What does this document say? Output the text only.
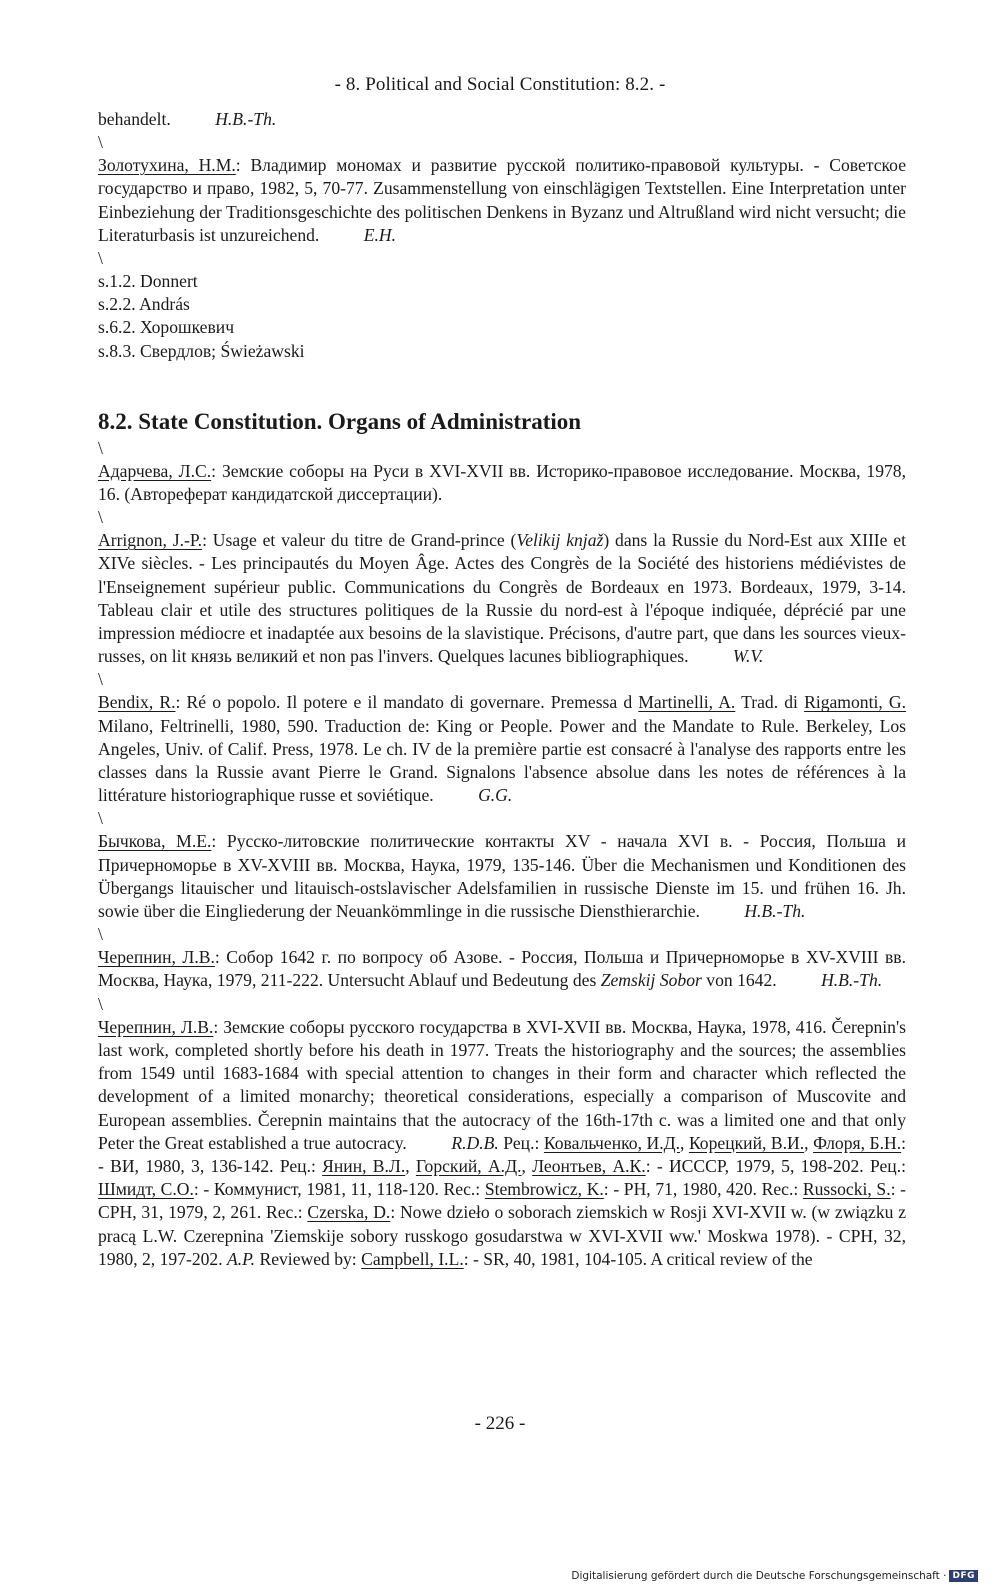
- 8. Political and Social Constitution: 8.2. -

behandelt.	H.B.-Th.

\

Золотухина, Н.М.: Владимир мономах и развитие русской политико-правовой культуры. - Советское государство и право, 1982, 5, 70-77. Zusammenstellung von einschlägigen Textstellen. Eine Interpretation unter Einbeziehung der Traditionsgeschichte des politischen Denkens in Byzanz und Altrußland wird nicht versucht; die Literaturbasis ist unzureichend.	E.H.

\

s.1.2. Donnert

s.2.2. András

s.6.2. Хорошкевич

s.8.3. Свердлов; Świeżawski

8.2. State Constitution. Organs of Administration
\

Адарчева, Л.С.: Земские соборы на Руси в XVI-XVII вв. Историко-правовое исследование. Москва, 1978, 16. (Автореферат кандидатской диссертации).

\

Arrignon, J.-P.: Usage et valeur du titre de Grand-prince (Velikij knjaž) dans la Russie du Nord-Est aux XIIIe et XIVe siècles. - Les principautés du Moyen Âge. Actes des Congrès de la Société des historiens médiévistes de l'Enseignement supérieur public. Communications du Congrès de Bordeaux en 1973. Bordeaux, 1979, 3-14. Tableau clair et utile des structures politiques de la Russie du nord-est à l'époque indiquée, déprécié par une impression médiocre et inadaptée aux besoins de la slavistique. Précisons, d'autre part, que dans les sources vieux-russes, on lit князь великий et non pas l'invers. Quelques lacunes bibliographiques.	W.V.

\

Bendix, R.: Ré o popolo. Il potere e il mandato di governare. Premessa d Martinelli, A. Trad. di Rigamonti, G. Milano, Feltrinelli, 1980, 590. Traduction de: King or People. Power and the Mandate to Rule. Berkeley, Los Angeles, Univ. of Calif. Press, 1978. Le ch. IV de la première partie est consacré à l'analyse des rapports entre les classes dans la Russie avant Pierre le Grand. Signalons l'absence absolue dans les notes de références à la littérature historiographique russe et soviétique.	G.G.

\

Бычкова, М.Е.: Русско-литовские политические контакты XV - начала XVI в. - Россия, Польша и Причерноморье в XV-XVIII вв. Москва, Наука, 1979, 135-146. Über die Mechanismen und Konditionen des Übergangs litauischer und litauisch-ostslavischer Adelsfamilien in russische Dienste im 15. und frühen 16. Jh. sowie über die Eingliederung der Neuankömmlinge in die russische Diensthierarchie.	H.B.-Th.

\

Черепнин, Л.В.: Собор 1642 г. по вопросу об Азове. - Россия, Польша и Причерноморье в XV-XVIII вв. Москва, Наука, 1979, 211-222. Untersucht Ablauf und Bedeutung des Zemskij Sobor von 1642.	H.B.-Th.

\

Черепнин, Л.В.: Земские соборы русского государства в XVI-XVII вв. Москва, Наука, 1978, 416. Čerepnin's last work, completed shortly before his death in 1977. Treats the historiography and the sources; the assemblies from 1549 until 1683-1684 with special attention to changes in their form and character which reflected the development of a limited monarchy; theoretical considerations, especially a comparison of Muscovite and European assemblies. Čerepnin maintains that the autocracy of the 16th-17th c. was a limited one and that only Peter the Great established a true autocracy.	R.D.B. Рец.: Ковальченко, И.Д., Корецкий, В.И., Флоря, Б.Н.: - ВИ, 1980, 3, 136-142. Рец.: Янин, В.Л., Горский, А.Д., Леонтьев, А.К.: - ИССCP, 1979, 5, 198-202. Рец.: Шмидт, С.О.: - Коммунист, 1981, 11, 118-120. Rec.: Stembrowicz, K.: - PH, 71, 1980, 420. Rec.: Russocki, S.: - CPH, 31, 1979, 2, 261. Rec.: Czerska, D.: Nowe dzieło o soborach ziemskich w Rosji XVI-XVII w. (w związku z pracą L.W. Czerepnina 'Ziemskije sobory russkogo gosudarstwa w XVI-XVII ww.' Moskwa 1978). - CPH, 32, 1980, 2, 197-202. A.P. Reviewed by: Campbell, I.L.: - SR, 40, 1981, 104-105. A critical review of the

- 226 -
Digitalisierung gefördert durch die Deutsche Forschungsgemeinschaft · DFG
